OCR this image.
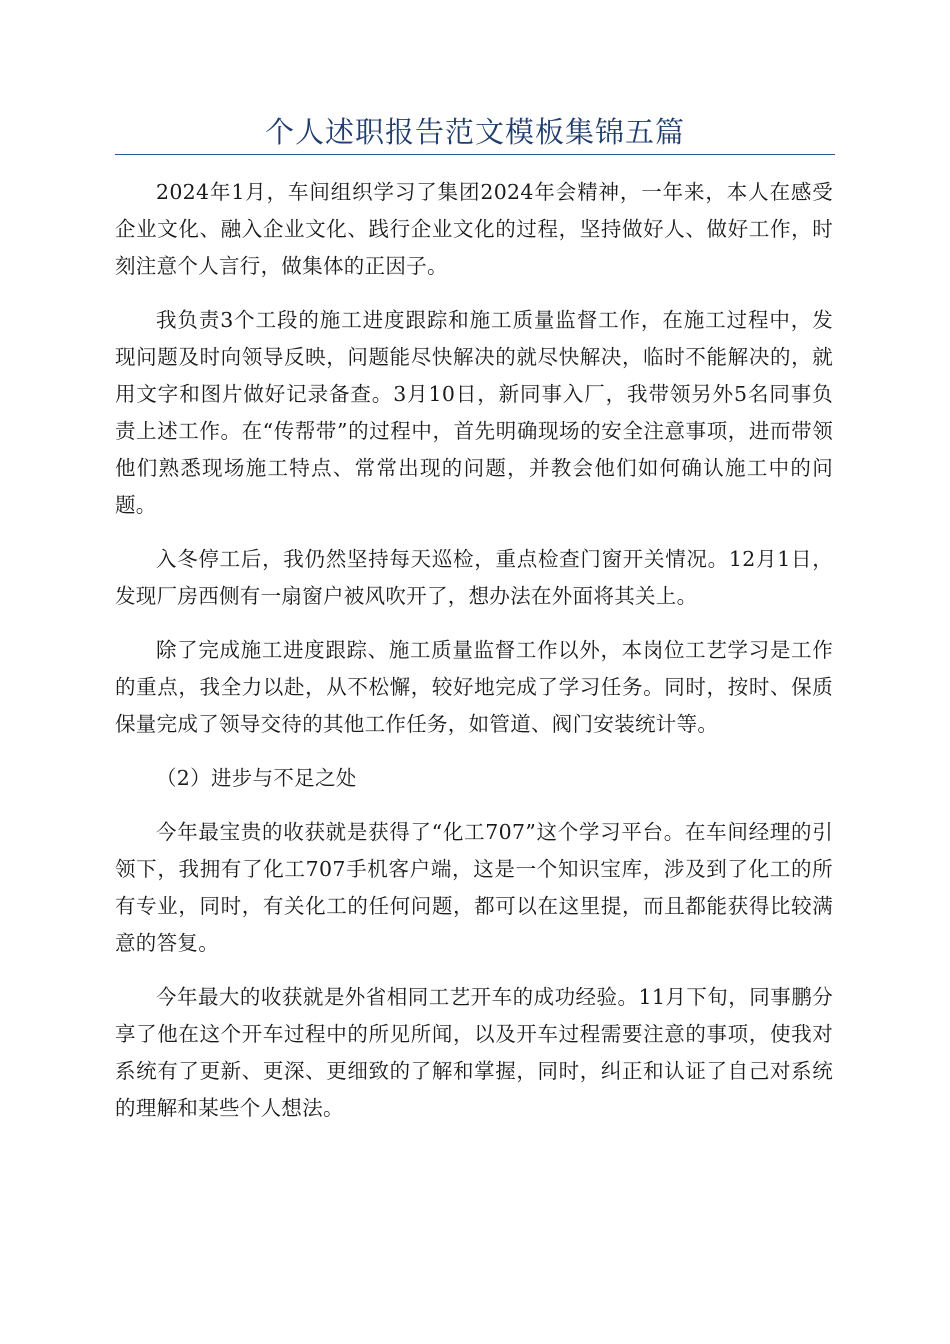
个人述职报告范文模板集锦五篇

2024年1月，车间组织学习了集团2024年会精神，一年来，本人在感受企业文化、融入企业文化、践行企业文化的过程，坚持做好人、做好工作，时刻注意个人言行，做集体的正因子。

我负责3个工段的施工进度跟踪和施工质量监督工作，在施工过程中，发现问题及时向领导反映，问题能尽快解决的就尽快解决，临时不能解决的，就用文字和图片做好记录备查。3月10日，新同事入厂，我带领另外5名同事负责上述工作。在“传帮带”的过程中，首先明确现场的安全注意事项，进而带领他们熟悉现场施工特点、常常出现的问题，并教会他们如何确认施工中的问题。

入冬停工后，我仍然坚持每天巡检，重点检查门窗开关情况。12月1日，发现厂房西侧有一扇窗户被风吹开了，想办法在外面将其关上。

除了完成施工进度跟踪、施工质量监督工作以外，本岗位工艺学习是工作的重点，我全力以赴，从不松懈，较好地完成了学习任务。同时，按时、保质保量完成了领导交待的其他工作任务，如管道、阀门安装统计等。

（2）进步与不足之处

今年最宝贵的收获就是获得了“化工707”这个学习平台。在车间经理的引领下，我拥有了化工707手机客户端，这是一个知识宝库，涉及到了化工的所有专业，同时，有关化工的任何问题，都可以在这里提，而且都能获得比较满意的答复。

今年最大的收获就是外省相同工艺开车的成功经验。11月下旬，同事鹏分享了他在这个开车过程中的所见所闻，以及开车过程需要注意的事项，使我对系统有了更新、更深、更细致的了解和掌握，同时，纠正和认证了自己对系统的理解和某些个人想法。
